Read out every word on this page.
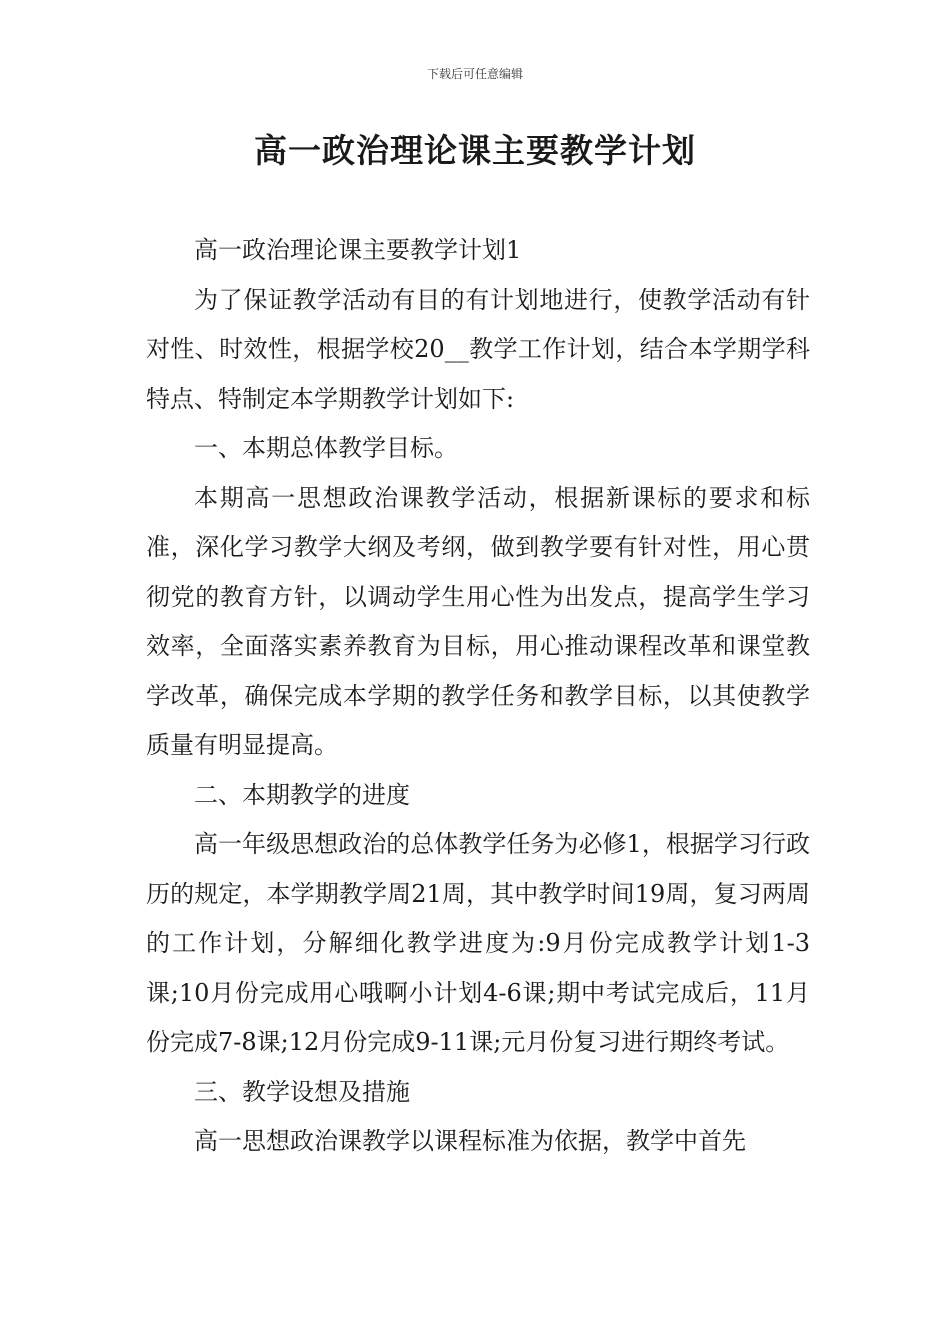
下载后可任意编辑
高一政治理论课主要教学计划

高一政治理论课主要教学计划1

为了保证教学活动有目的有计划地进行，使教学活动有针对性、时效性，根据学校20__教学工作计划，结合本学期学科特点、特制定本学期教学计划如下:

一、本期总体教学目标。

本期高一思想政治课教学活动，根据新课标的要求和标准，深化学习教学大纲及考纲，做到教学要有针对性，用心贯彻党的教育方针，以调动学生用心性为出发点，提高学生学习效率，全面落实素养教育为目标，用心推动课程改革和课堂教学改革，确保完成本学期的教学任务和教学目标，以其使教学质量有明显提高。

二、本期教学的进度

高一年级思想政治的总体教学任务为必修1，根据学习行政历的规定，本学期教学周21周，其中教学时间19周，复习两周的工作计划，分解细化教学进度为:9月份完成教学计划1-3课;10月份完成用心哦啊小计划4-6课;期中考试完成后，11月份完成7-8课;12月份完成9-11课;元月份复习进行期终考试。

三、教学设想及措施

高一思想政治课教学以课程标准为依据，教学中首先
